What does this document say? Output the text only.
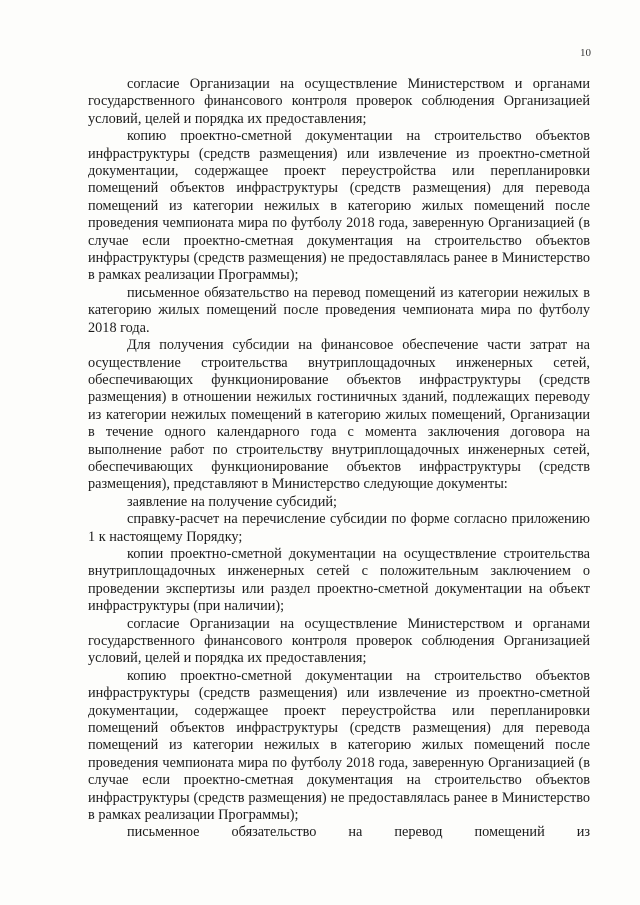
10

согласие Организации на осуществление Министерством и органами государственного финансового контроля проверок соблюдения Организацией условий, целей и порядка их предоставления;

копию проектно-сметной документации на строительство объектов инфраструктуры (средств размещения) или извлечение из проектно-сметной документации, содержащее проект переустройства или перепланировки помещений объектов инфраструктуры (средств размещения) для перевода помещений из категории нежилых в категорию жилых помещений после проведения чемпионата мира по футболу 2018 года, заверенную Организацией (в случае если проектно-сметная документация на строительство объектов инфраструктуры (средств размещения) не предоставлялась ранее в Министерство в рамках реализации Программы);

письменное обязательство на перевод помещений из категории нежилых в категорию жилых помещений после проведения чемпионата мира по футболу 2018 года.

Для получения субсидии на финансовое обеспечение части затрат на осуществление строительства внутриплощадочных инженерных сетей, обеспечивающих функционирование объектов инфраструктуры (средств размещения) в отношении нежилых гостиничных зданий, подлежащих переводу из категории нежилых помещений в категорию жилых помещений, Организации в течение одного календарного года с момента заключения договора на выполнение работ по строительству внутриплощадочных инженерных сетей, обеспечивающих функционирование объектов инфраструктуры (средств размещения), представляют в Министерство следующие документы:

заявление на получение субсидий;

справку-расчет на перечисление субсидии по форме согласно приложению 1 к настоящему Порядку;

копии проектно-сметной документации на осуществление строительства внутриплощадочных инженерных сетей с положительным заключением о проведении экспертизы или раздел проектно-сметной документации на объект инфраструктуры (при наличии);

согласие Организации на осуществление Министерством и органами государственного финансового контроля проверок соблюдения Организацией условий, целей и порядка их предоставления;

копию проектно-сметной документации на строительство объектов инфраструктуры (средств размещения) или извлечение из проектно-сметной документации, содержащее проект переустройства или перепланировки помещений объектов инфраструктуры (средств размещения) для перевода помещений из категории нежилых в категорию жилых помещений после проведения чемпионата мира по футболу 2018 года, заверенную Организацией (в случае если проектно-сметная документация на строительство объектов инфраструктуры (средств размещения) не предоставлялась ранее в Министерство в рамках реализации Программы);

письменное обязательство на перевод помещений из
